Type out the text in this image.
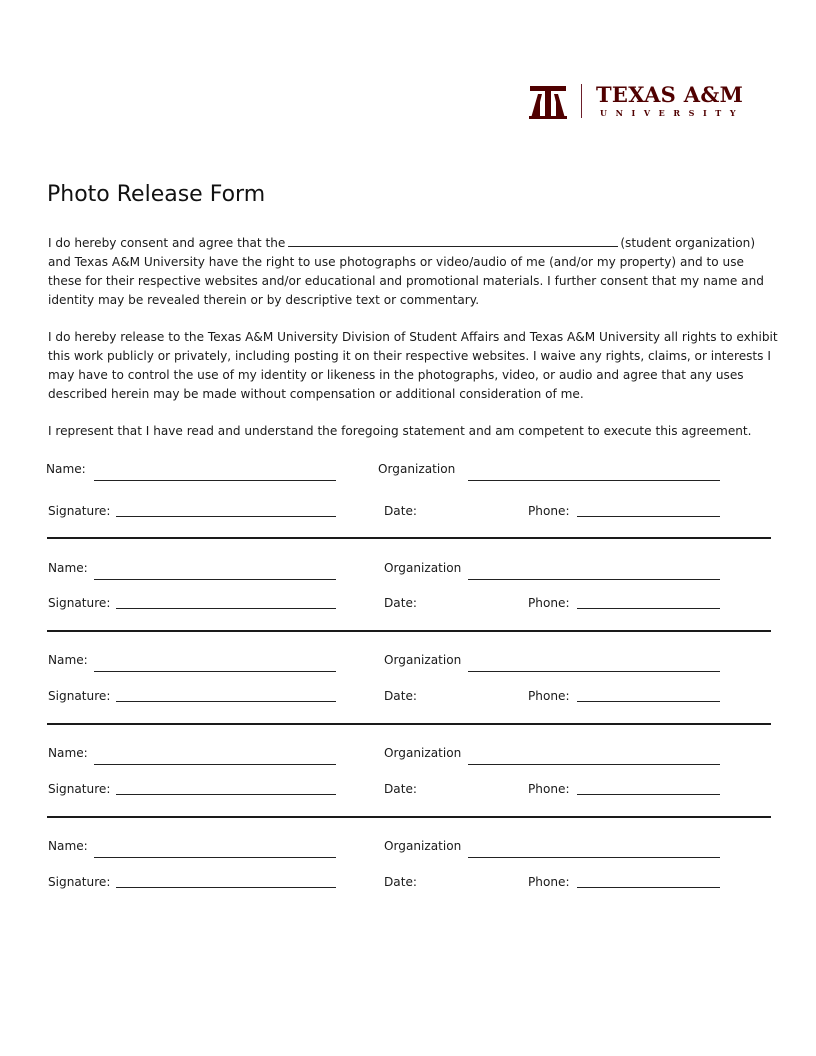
TEXAS A&M
UNIVERSITY
Photo Release Form
I do hereby consent and agree that the	(student organization)
and Texas A&M University have the right to use photographs or video/audio of me (and/or my property) and to use
these for their respective websites and/or educational and promotional materials. I further consent that my name and
identity may be revealed therein or by descriptive text or commentary.
I do hereby release to the Texas A&M University Division of Student Affairs and Texas A&M University all rights to exhibit
this work publicly or privately, including posting it on their respective websites. I waive any rights, claims, or interests I
may have to control the use of my identity or likeness in the photographs, video, or audio and agree that any uses
described herein may be made without compensation or additional consideration of me.
I represent that I have read and understand the foregoing statement and am competent to execute this agreement.
Name:	Organization
Signature:	Date:	Phone:
Name:	Organization
Signature:	Date:	Phone:
Name:	Organization
Signature:	Date:	Phone:
Name:	Organization
Signature:	Date:	Phone:
Name:	Organization
Signature:	Date:	Phone:
